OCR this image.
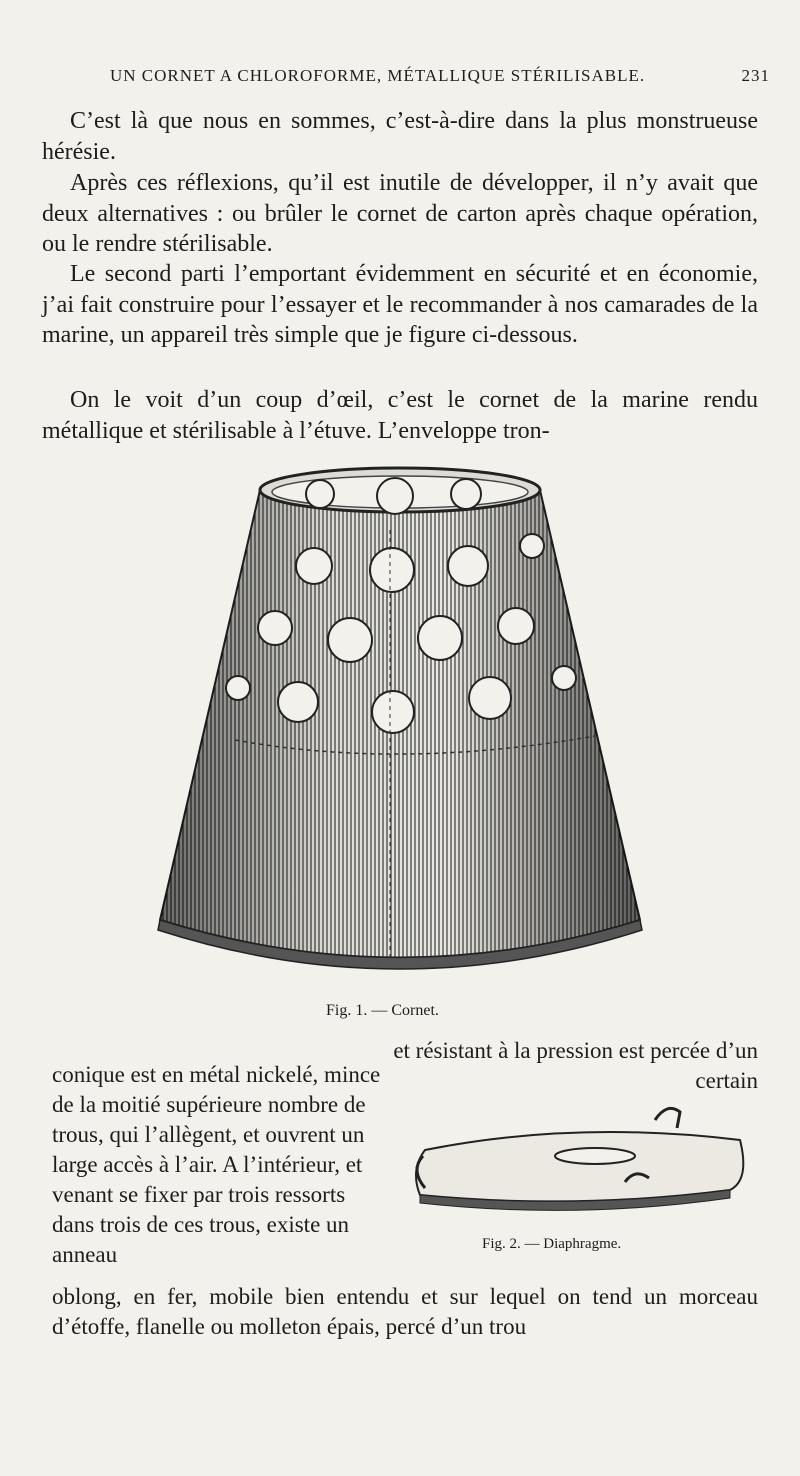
UN CORNET A CHLOROFORME, MÉTALLIQUE STÉRILISABLE.	231

C’est là que nous en sommes, c’est-à-dire dans la plus monstrueuse hérésie.

Après ces réflexions, qu’il est inutile de développer, il n’y avait que deux alternatives : ou brûler le cornet de carton après chaque opération, ou le rendre stérilisable.

Le second parti l’emportant évidemment en sécurité et en économie, j’ai fait construire pour l’essayer et le recommander à nos camarades de la marine, un appareil très simple que je figure ci-dessous.

On le voit d’un coup d’œil, c’est le cornet de la marine rendu métallique et stérilisable à l’étuve. L’enveloppe tron-

Fig. 1. — Cornet.

et résistant à la pression est percée d’un certain

conique est en métal nickelé, mince de la moitié supérieure nombre de trous, qui l’allègent, et ouvrent un large accès à l’air. A l’intérieur, et venant se fixer par trois ressorts dans trois de ces trous, existe un anneau	Fig. 2. — Diaphragme.

oblong, en fer, mobile bien entendu et sur lequel on tend un morceau d’étoffe, flanelle ou molleton épais, percé d’un trou
